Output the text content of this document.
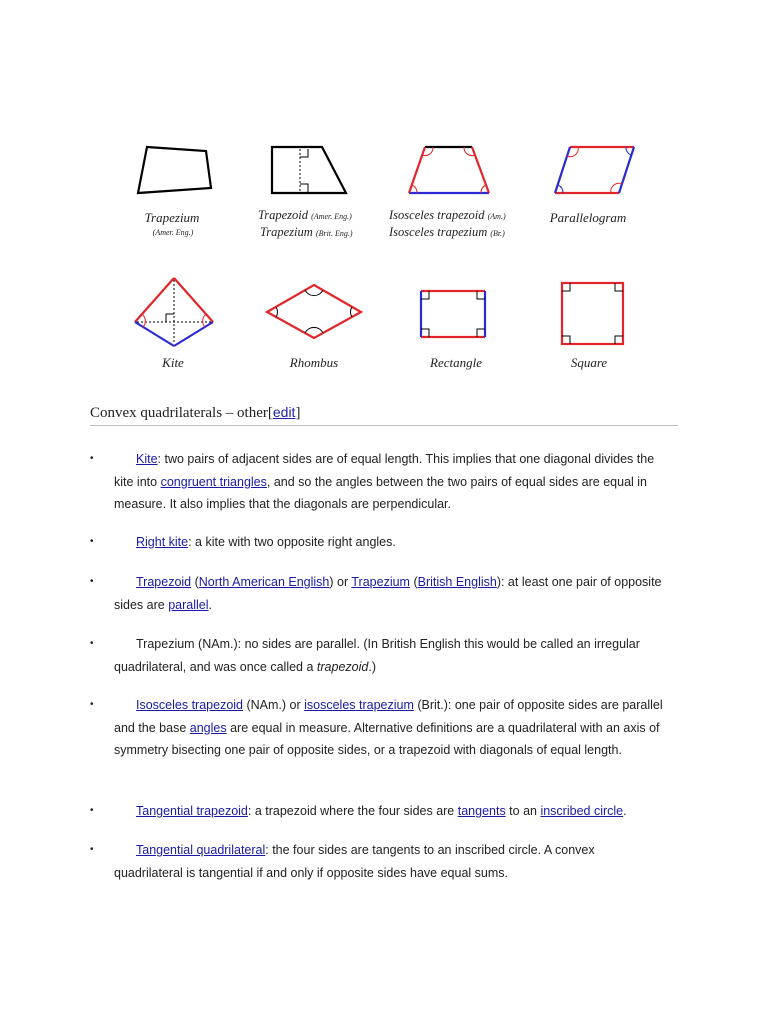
Trapezium
(Amer. Eng.)
Trapezoid (Amer. Eng.)
Trapezium (Brit. Eng.)
Isosceles trapezoid (Am.)
Isosceles trapezium (Br.)
Parallelogram
Kite	Rhombus	Rectangle	Square
Convex quadrilaterals – other[edit]
•	Kite: two pairs of adjacent sides are of equal length. This implies that one diagonal divides the kite into congruent triangles, and so the angles between the two pairs of equal sides are equal in measure. It also implies that the diagonals are perpendicular.
•	Right kite: a kite with two opposite right angles.
•	Trapezoid (North American English) or Trapezium (British English): at least one pair of opposite sides are parallel.
•	Trapezium (NAm.): no sides are parallel. (In British English this would be called an irregular quadrilateral, and was once called a trapezoid.)
•	Isosceles trapezoid (NAm.) or isosceles trapezium (Brit.): one pair of opposite sides are parallel and the base angles are equal in measure. Alternative definitions are a quadrilateral with an axis of symmetry bisecting one pair of opposite sides, or a trapezoid with diagonals of equal length.
•	Tangential trapezoid: a trapezoid where the four sides are tangents to an inscribed circle.
•	Tangential quadrilateral: the four sides are tangents to an inscribed circle. A convex quadrilateral is tangential if and only if opposite sides have equal sums.
